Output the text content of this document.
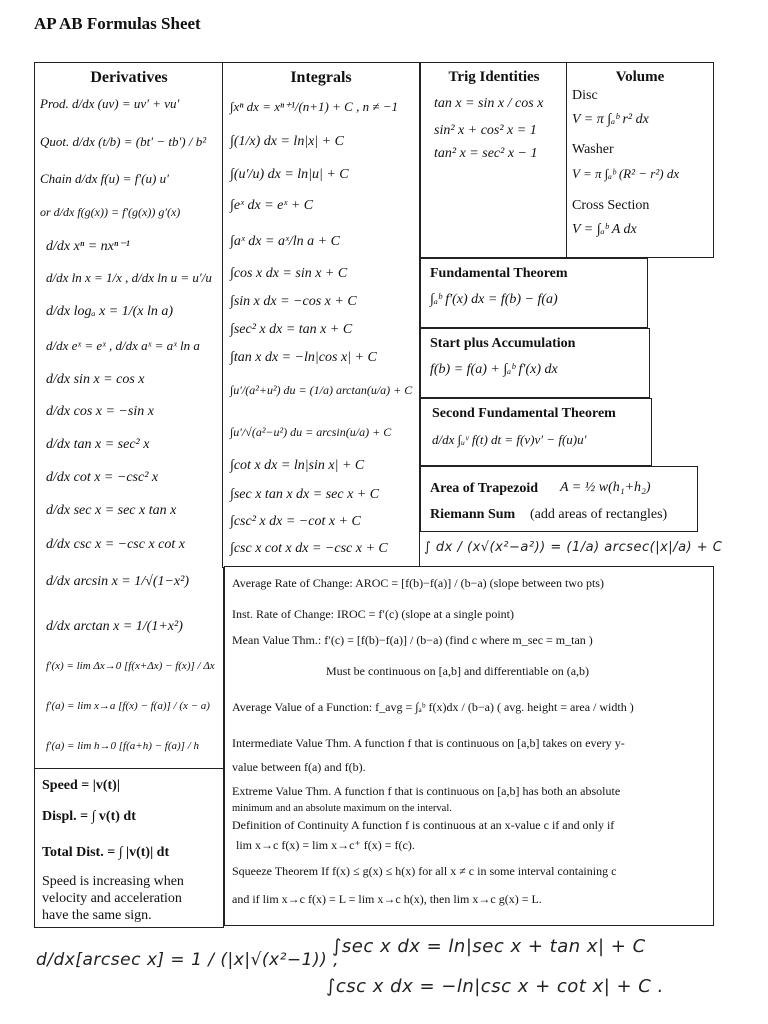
AP AB Formulas Sheet
Derivatives
Prod. d/dx (uv) = uv′ + vu′
Quot. d/dx (t/b) = (bt′ − tb′) / b²
Chain d/dx f(u) = f′(u) u′
or d/dx f(g(x)) = f′(g(x)) g′(x)
d/dx xⁿ = nxⁿ⁻¹
d/dx ln x = 1/x , d/dx ln u = u′/u
d/dx logₐ x = 1/(x ln a)
d/dx eˣ = eˣ , d/dx aˣ = aˣ ln a
d/dx sin x = cos x
d/dx cos x = −sin x
d/dx tan x = sec² x
d/dx cot x = −csc² x
d/dx sec x = sec x tan x
d/dx csc x = −csc x cot x
d/dx arcsin x = 1/√(1−x²)
d/dx arctan x = 1/(1+x²)
f′(x) = lim Δx→0 [f(x+Δx) − f(x)] / Δx
f′(a) = lim x→a [f(x) − f(a)] / (x − a)
f′(a) = lim h→0 [f(a+h) − f(a)] / h
Speed = |v(t)|
Displ. = ∫ v(t) dt
Total Dist. = ∫ |v(t)| dt
Speed is increasing when
velocity and acceleration
have the same sign.
Integrals
∫xⁿ dx = xⁿ⁺¹/(n+1) + C , n ≠ −1
∫(1/x) dx = ln|x| + C
∫(u′/u) dx = ln|u| + C
∫eˣ dx = eˣ + C
∫aˣ dx = aˣ/ln a + C
∫cos x dx = sin x + C
∫sin x dx = −cos x + C
∫sec² x dx = tan x + C
∫tan x dx = −ln|cos x| + C
∫u′/(a²+u²) du = (1/a) arctan(u/a) + C
∫u′/√(a²−u²) du = arcsin(u/a) + C
∫cot x dx = ln|sin x| + C
∫sec x tan x dx = sec x + C
∫csc² x dx = −cot x + C
∫csc x cot x dx = −csc x + C
Trig Identities
tan x = sin x / cos x
sin² x + cos² x = 1
tan² x = sec² x − 1
Volume
Disc
V = π ∫ₐᵇ r² dx
Washer
V = π ∫ₐᵇ (R² − r²) dx
Cross Section
V = ∫ₐᵇ A dx
Fundamental Theorem
∫ₐᵇ f′(x) dx = f(b) − f(a)
Start plus Accumulation
f(b) = f(a) + ∫ₐᵇ f′(x) dx
Second Fundamental Theorem
d/dx ∫ᵤᵛ f(t) dt = f(v)v′ − f(u)u′
Area of Trapezoid A = ½ w(h₁+h₂)
Riemann Sum (add areas of rectangles)
∫ dx / (x√(x²−a²)) = (1/a) arcsec(|x|/a) + C
Average Rate of Change: AROC = [f(b)−f(a)] / (b−a) (slope between two pts)
Inst. Rate of Change: IROC = f′(c) (slope at a single point)
Mean Value Thm.: f′(c) = [f(b)−f(a)] / (b−a) (find c where m_sec = m_tan )
Must be continuous on [a,b] and differentiable on (a,b)
Average Value of a Function: f_avg = ∫ₐᵇ f(x)dx / (b−a) ( avg. height = area / width )
Intermediate Value Thm. A function f that is continuous on [a,b] takes on every y-
value between f(a) and f(b).
Extreme Value Thm. A function f that is continuous on [a,b] has both an absolute
minimum and an absolute maximum on the interval.
Definition of Continuity A function f is continuous at an x-value c if and only if
lim x→c f(x) = lim x→c⁺ f(x) = f(c).
Squeeze Theorem If f(x) ≤ g(x) ≤ h(x) for all x ≠ c in some interval containing c
and if lim x→c f(x) = L = lim x→c h(x), then lim x→c g(x) = L.
d/dx[arcsec x] = 1 / (|x|√(x²−1)) ,
∫sec x dx = ln|sec x + tan x| + C
∫csc x dx = −ln|csc x + cot x| + C .
